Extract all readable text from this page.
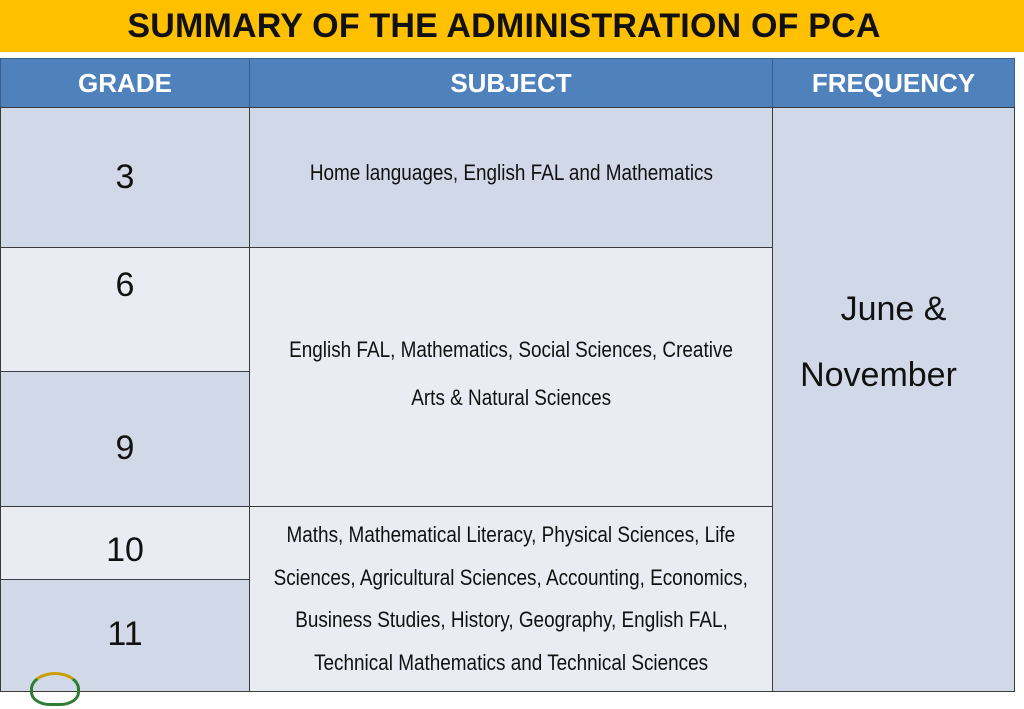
SUMMARY OF THE ADMINISTRATION OF PCA
GRADE	SUBJECT	FREQUENCY
3
6
9
10
11
Home languages, English FAL and Mathematics
English FAL, Mathematics, Social Sciences, Creative
Arts & Natural Sciences
Maths, Mathematical Literacy, Physical Sciences, Life
Sciences, Agricultural Sciences, Accounting, Economics,
Business Studies, History, Geography, English FAL,
Technical Mathematics and Technical Sciences
June &
November
